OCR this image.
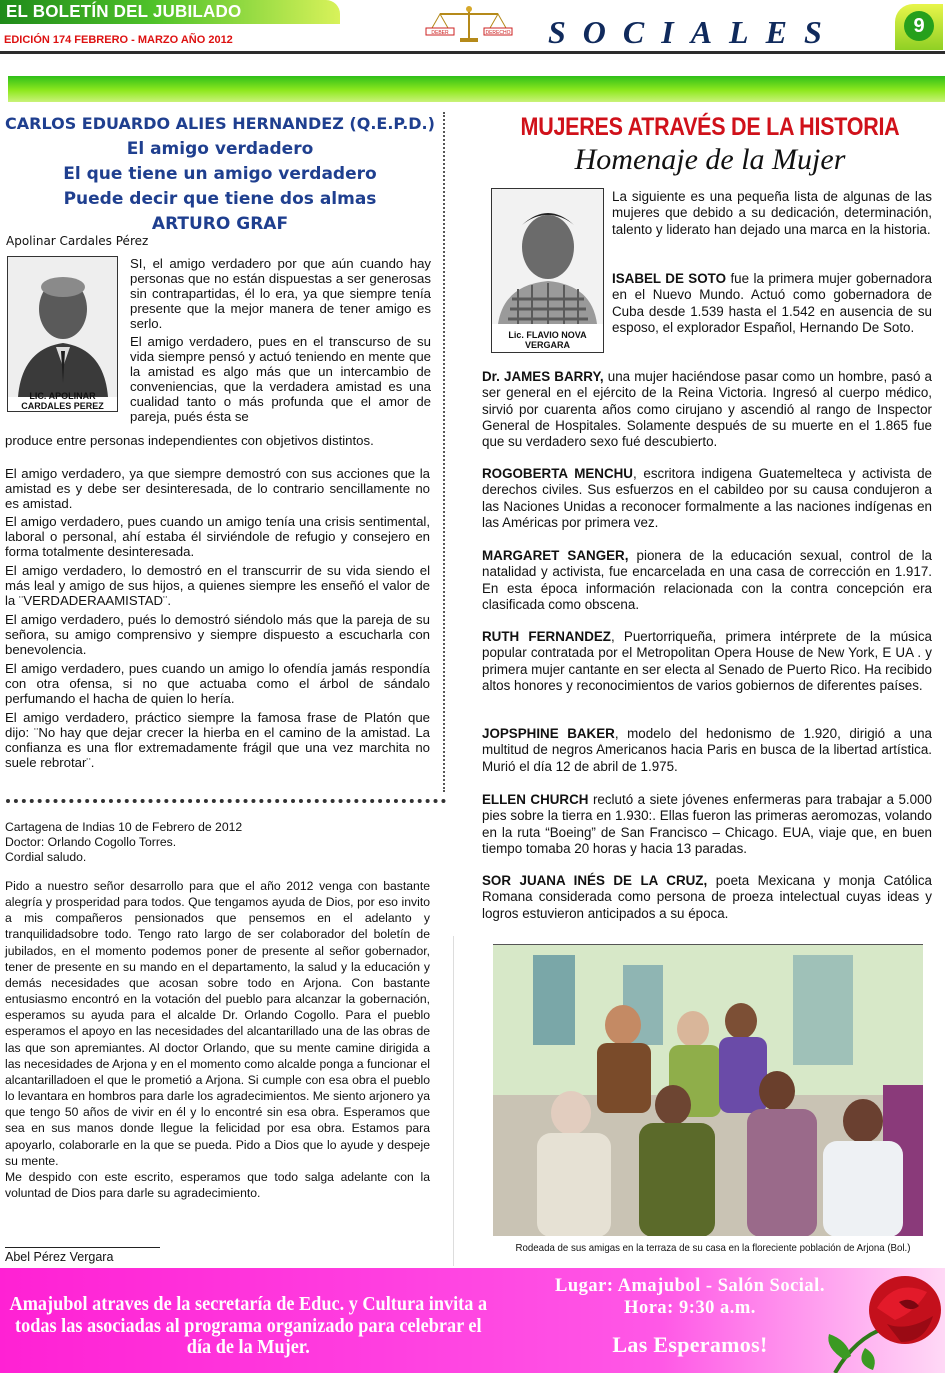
EL BOLETÍN DEL JUBILADO
EDICIÓN 174 FEBRERO - MARZO AÑO 2012
DEBER	DERECHO SOCIALES	9
CARLOS EDUARDO ALIES HERNANDEZ (Q.E.P.D.)
El amigo verdadero
El que tiene un amigo verdadero
Puede decir que tiene dos almas
ARTURO GRAF
Apolinar Cardales Pérez
LIC. APOLINAR CARDALES PEREZ
SI, el amigo verdadero por que aún cuando hay personas que no están dispuestas a ser generosas sin contrapartidas, él lo era, ya que siempre tenía presente que la mejor manera de tener amigo es serlo.
El amigo verdadero, pues en el transcurso de su vida siempre pensó y actuó teniendo en mente que la amistad es algo más que un intercambio de conveniencias, que la verdadera amistad es una cualidad tanto o más profunda que el amor de pareja, pués ésta se
produce entre personas independientes con objetivos distintos.
El amigo verdadero, ya que siempre demostró con sus acciones que la amistad es y debe ser desinteresada, de lo contrario sencillamente no es amistad.
El amigo verdadero, pues cuando un amigo tenía una crisis sentimental, laboral o personal, ahí estaba él sirviéndole de refugio y consejero en forma totalmente desinteresada.
El amigo verdadero, lo demostró en el transcurrir de su vida siendo el más leal y amigo de sus hijos, a quienes siempre les enseñó el valor de la ¨VERDADERAAMISTAD¨.
El amigo verdadero, pués lo demostró siéndolo más que la pareja de su señora, su amigo comprensivo y siempre dispuesto a escucharla con benevolencia.
El amigo verdadero, pues cuando un amigo lo ofendía jamás respondía con otra ofensa, si no que actuaba como el árbol de sándalo perfumando el hacha de quien lo hería.
El amigo verdadero, práctico siempre la famosa frase de Platón que dijo: ¨No hay que dejar crecer la hierba en el camino de la amistad. La confianza es una flor extremadamente frágil que una vez marchita no suele rebrotar¨.
Cartagena de Indias 10 de Febrero de 2012
Doctor: Orlando Cogollo Torres.
Cordial saludo.
Pido a nuestro señor desarrollo para que el año 2012 venga con bastante alegría y prosperidad para todos. Que tengamos ayuda de Dios, por eso invito a mis compañeros pensionados que pensemos en el adelanto y tranquilidadsobre todo. Tengo rato largo de ser colaborador del boletín de jubilados, en el momento podemos poner de presente al señor gobernador, tener de presente en su mando en el departamento, la salud y la educación y demás necesidades que acosan sobre todo en Arjona. Con bastante entusiasmo encontró en la votación del pueblo para alcanzar la gobernación, esperamos su ayuda para el alcalde Dr. Orlando Cogollo. Para el pueblo esperamos el apoyo en las necesidades del alcantarillado una de las obras de las que son apremiantes. Al doctor Orlando, que su mente camine dirigida a las necesidades de Arjona y en el momento como alcalde ponga a funcionar el alcantarilladoen el que le prometió a Arjona. Si cumple con esa obra el pueblo lo levantara en hombros para darle los agradecimientos. Me siento arjonero ya que tengo 50 años de vivir en él y lo encontré sin esa obra. Esperamos que sea en sus manos donde llegue la felicidad por esa obra. Estamos para apoyarlo, colaborarle en la que se pueda. Pido a Dios que lo ayude y despeje su mente.
Me despido con este escrito, esperamos que todo salga adelante con la voluntad de Dios para darle su agradecimiento.
Abel Pérez Vergara
MUJERES ATRAVÉS DE LA HISTORIA
Homenaje de la Mujer
Lic. FLAVIO NOVA
VERGARA
La siguiente es una pequeña lista de algunas de las mujeres que debido a su dedicación, determinación, talento y liderato han dejado una marca en la historia.
ISABEL DE SOTO fue la primera mujer gobernadora en el Nuevo Mundo. Actuó como gobernadora de Cuba desde 1.539 hasta el 1.542 en ausencia de su esposo, el explorador Español, Hernando De Soto.
Dr. JAMES BARRY, una mujer haciéndose pasar como un hombre, pasó a ser general en el ejército de la Reina Victoria. Ingresó al cuerpo médico, sirvió por cuarenta años como cirujano y ascendió al rango de Inspector General de Hospitales. Solamente después de su muerte en el 1.865 fue que su verdadero sexo fué descubierto.
ROGOBERTA MENCHU, escritora indigena Guatemelteca y activista de derechos civiles. Sus esfuerzos en el cabildeo por su causa condujeron a las Naciones Unidas a reconocer formalmente a las naciones indígenas en las Américas por primera vez.
MARGARET SANGER, pionera de la educación sexual, control de la natalidad y activista, fue encarcelada en una casa de corrección en 1.917. En esta época información relacionada con la contra concepción era clasificada como obscena.
RUTH FERNANDEZ, Puertorriqueña, primera intérprete de la música popular contratada por el Metropolitan Opera House de New York, E UA . y primera mujer cantante en ser electa al Senado de Puerto Rico. Ha recibido altos honores y reconocimientos de varios gobiernos de diferentes países.
JOPSPHINE BAKER, modelo del hedonismo de 1.920, dirigió a una multitud de negros Americanos hacia Paris en busca de la libertad artística. Murió el día 12 de abril de 1.975.
ELLEN CHURCH reclutó a siete jóvenes enfermeras para trabajar a 5.000 pies sobre la tierra en 1.930:. Ellas fueron las primeras aeromozas, volando en la ruta “Boeing” de San Francisco – Chicago. EUA, viaje que, en buen tiempo tomaba 20 horas y hacia 13 paradas.
SOR JUANA INÉS DE LA CRUZ, poeta Mexicana y monja Católica Romana considerada como persona de proeza intelectual cuyas ideas y logros estuvieron anticipados a su época.
Rodeada de sus amigas en la terraza de su casa en la floreciente población de Arjona (Bol.)
Amajubol atraves de la secretaría de Educ. y Cultura invita a todas las asociadas al programa organizado para celebrar el día de la Mujer.
Lugar: Amajubol - Salón Social.
Hora: 9:30 a.m.
Las Esperamos!
